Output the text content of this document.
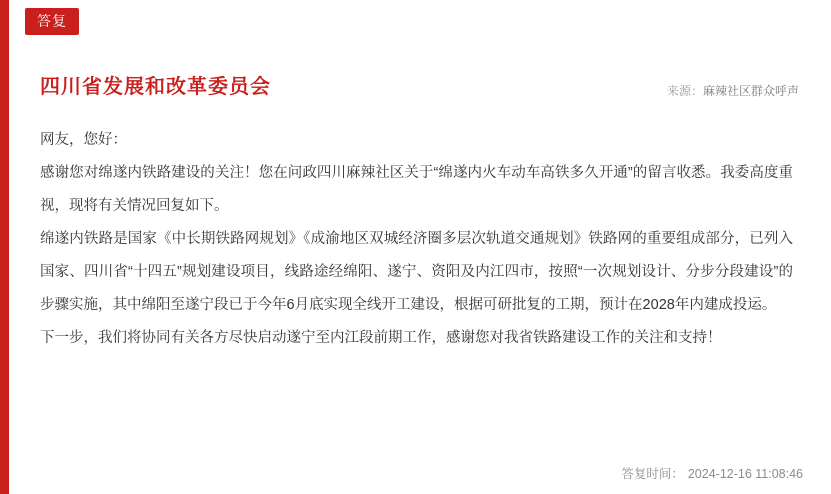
答复
四川省发展和改革委员会	来源：麻辣社区群众呼声

网友，您好：

感谢您对绵遂内铁路建设的关注！您在问政四川麻辣社区关于“绵遂内火车动车高铁多久开通”的留言收悉。我委高度重视，现将有关情况回复如下。

绵遂内铁路是国家《中长期铁路网规划》《成渝地区双城经济圈多层次轨道交通规划》铁路网的重要组成部分，已列入国家、四川省“十四五”规划建设项目，线路途经绵阳、遂宁、资阳及内江四市，按照“一次规划设计、分步分段建设”的步骤实施，其中绵阳至遂宁段已于今年6月底实现全线开工建设，根据可研批复的工期，预计在2028年内建成投运。

下一步，我们将协同有关各方尽快启动遂宁至内江段前期工作，感谢您对我省铁路建设工作的关注和支持！

答复时间： 2024-12-16 11:08:46
